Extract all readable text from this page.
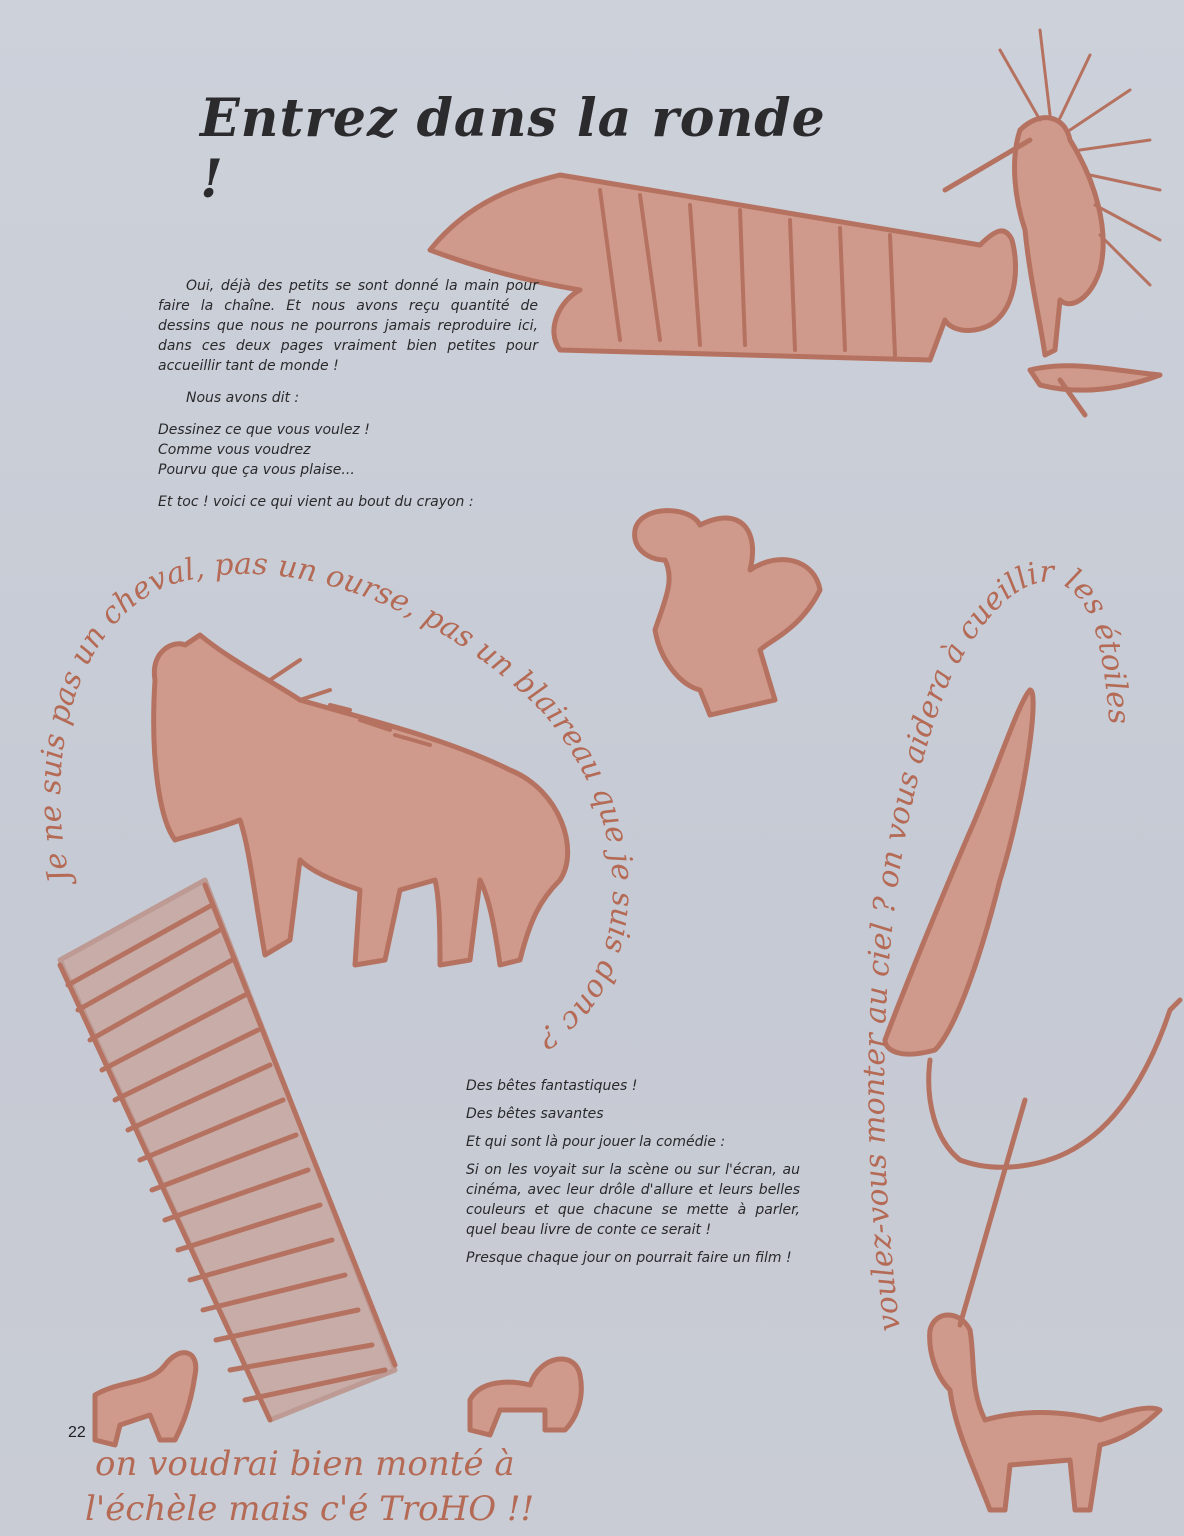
Je ne suis pas un cheval, pas un ourse, pas un blaireau que je suis donc ?
voulez-vous monter au ciel ? on vous aidera à cueillir les étoiles
on voudrai bien monté à
l'échèle mais c'é TroHO !!
Entrez dans la ronde !

Oui, déjà des petits se sont donné la main pour faire la chaîne. Et nous avons reçu quantité de dessins que nous ne pourrons jamais reproduire ici, dans ces deux pages vraiment bien petites pour accueillir tant de monde !

Nous avons dit :

Dessinez ce que vous voulez !

Comme vous voudrez

Pourvu que ça vous plaise...

Et toc ! voici ce qui vient au bout du crayon :

Des bêtes fantastiques !

Des bêtes savantes

Et qui sont là pour jouer la comédie :

Si on les voyait sur la scène ou sur l'écran, au cinéma, avec leur drôle d'allure et leurs belles couleurs et que chacune se mette à parler, quel beau livre de conte ce serait !

Presque chaque jour on pourrait faire un film !

22
